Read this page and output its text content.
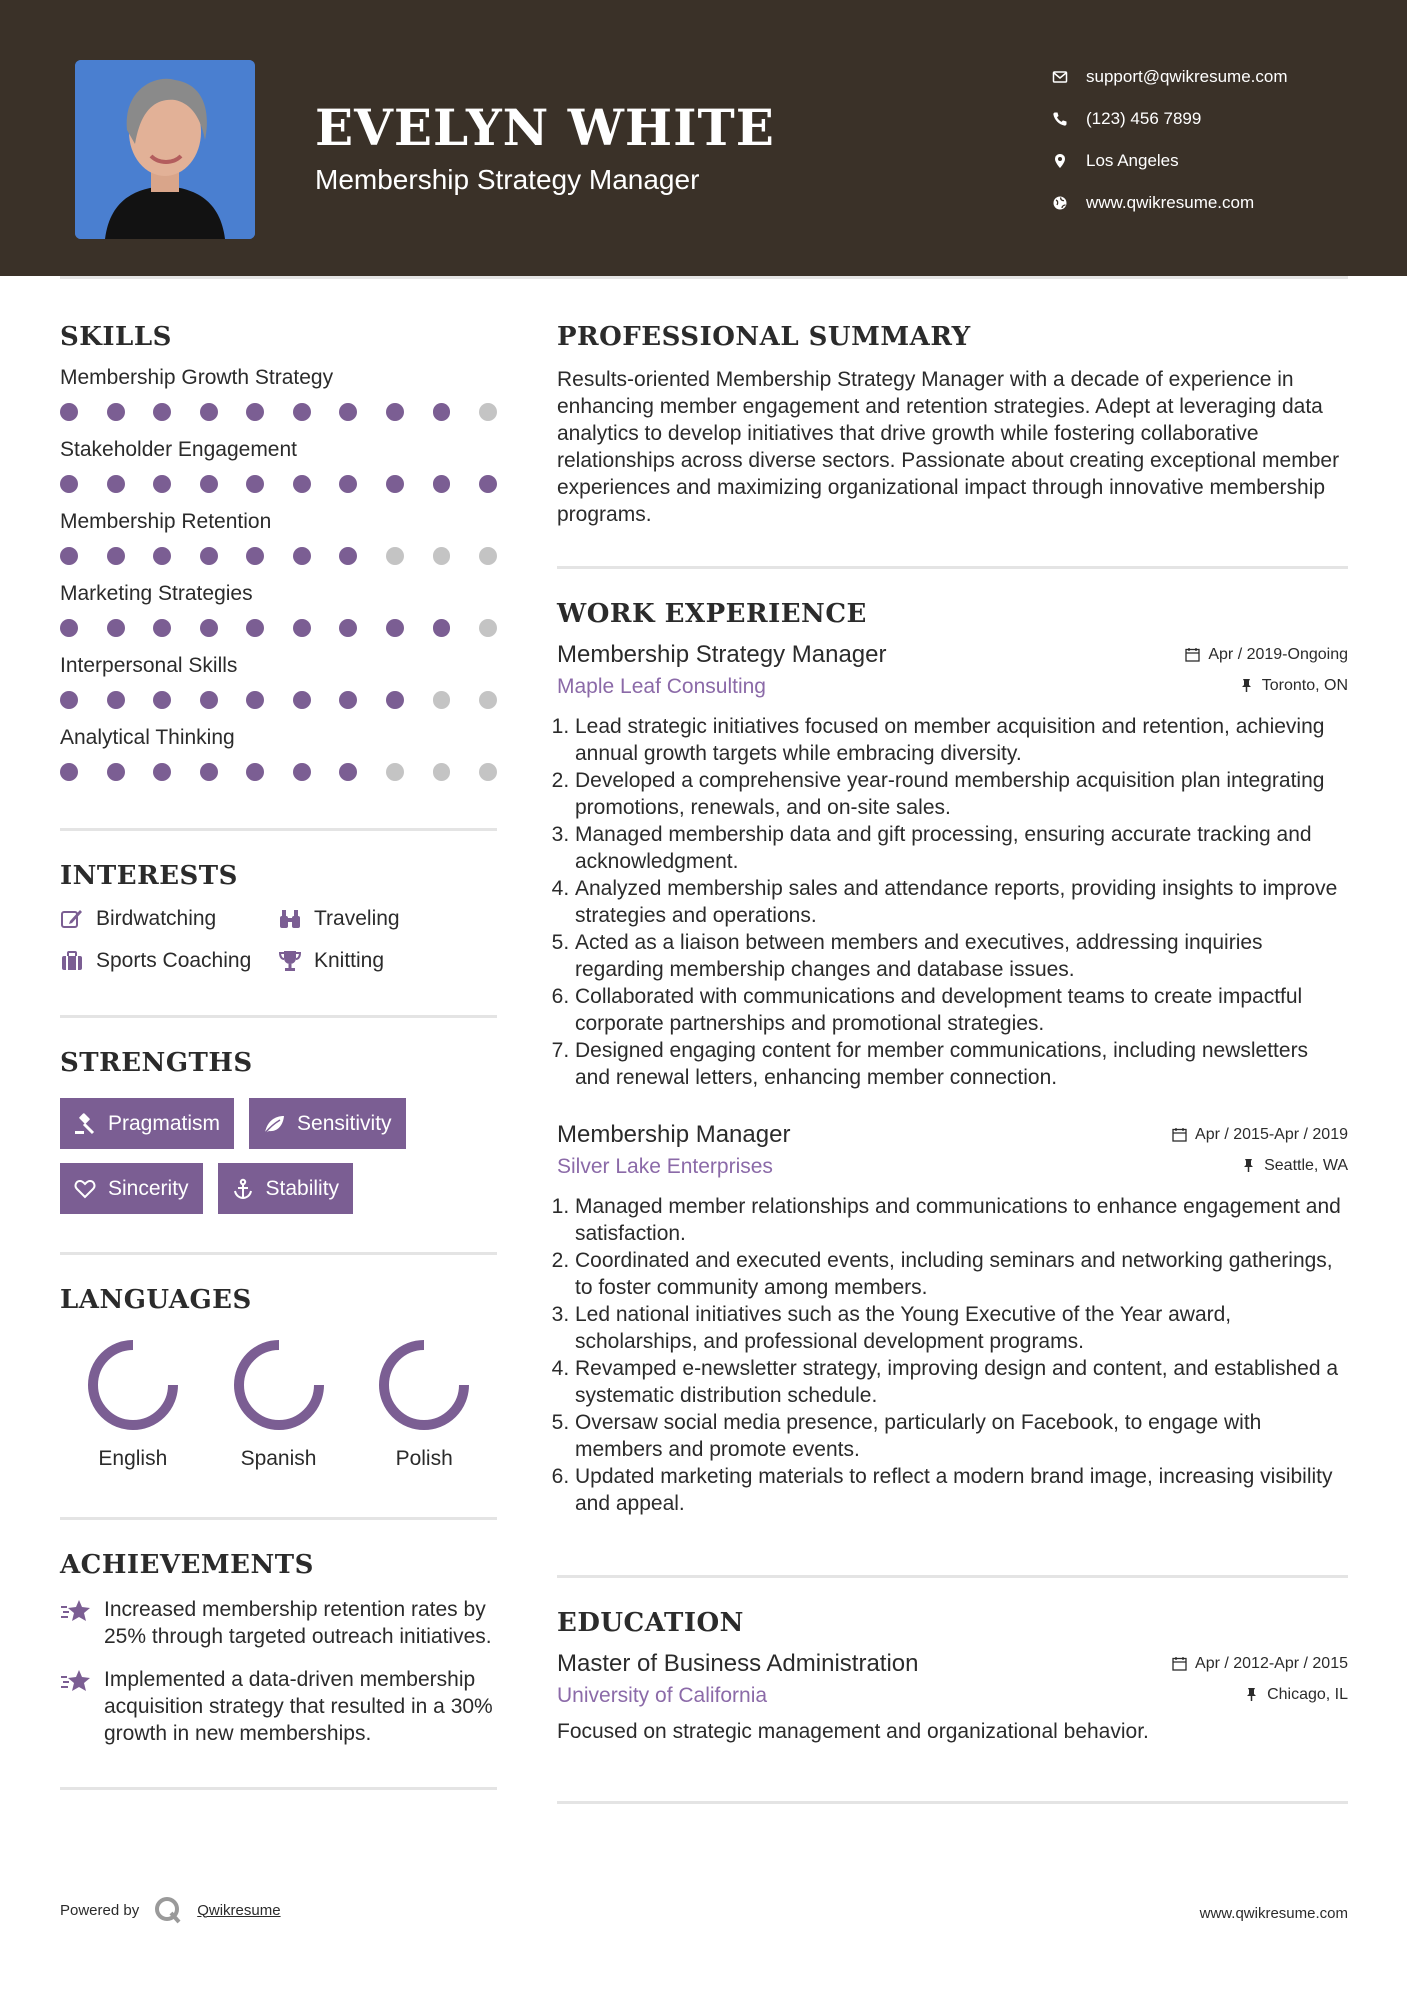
EVELYN WHITE
Membership Strategy Manager
support@qwikresume.com
(123) 456 7899
Los Angeles
www.qwikresume.com
SKILLS
Membership Growth Strategy
Stakeholder Engagement
Membership Retention
Marketing Strategies
Interpersonal Skills
Analytical Thinking
INTERESTS
Birdwatching	Traveling
Sports Coaching	Knitting
STRENGTHS
Pragmatism	Sensitivity
Sincerity	Stability
LANGUAGES
English	Spanish	Polish
ACHIEVEMENTS
Increased membership retention rates by 25% through targeted outreach initiatives.
Implemented a data-driven membership acquisition strategy that resulted in a 30% growth in new memberships.
PROFESSIONAL SUMMARY
Results-oriented Membership Strategy Manager with a decade of experience in enhancing member engagement and retention strategies. Adept at leveraging data analytics to develop initiatives that drive growth while fostering collaborative relationships across diverse sectors. Passionate about creating exceptional member experiences and maximizing organizational impact through innovative membership programs.
WORK EXPERIENCE
Membership Strategy Manager	Apr / 2019-Ongoing
Maple Leaf Consulting	Toronto, ON
1. Lead strategic initiatives focused on member acquisition and retention, achieving annual growth targets while embracing diversity.
2. Developed a comprehensive year-round membership acquisition plan integrating promotions, renewals, and on-site sales.
3. Managed membership data and gift processing, ensuring accurate tracking and acknowledgment.
4. Analyzed membership sales and attendance reports, providing insights to improve strategies and operations.
5. Acted as a liaison between members and executives, addressing inquiries regarding membership changes and database issues.
6. Collaborated with communications and development teams to create impactful corporate partnerships and promotional strategies.
7. Designed engaging content for member communications, including newsletters and renewal letters, enhancing member connection.
Membership Manager	Apr / 2015-Apr / 2019
Silver Lake Enterprises	Seattle, WA
1. Managed member relationships and communications to enhance engagement and satisfaction.
2. Coordinated and executed events, including seminars and networking gatherings, to foster community among members.
3. Led national initiatives such as the Young Executive of the Year award, scholarships, and professional development programs.
4. Revamped e-newsletter strategy, improving design and content, and established a systematic distribution schedule.
5. Oversaw social media presence, particularly on Facebook, to engage with members and promote events.
6. Updated marketing materials to reflect a modern brand image, increasing visibility and appeal.
EDUCATION
Master of Business Administration	Apr / 2012-Apr / 2015
University of California	Chicago, IL
Focused on strategic management and organizational behavior.
Powered by	Qwikresume	www.qwikresume.com
